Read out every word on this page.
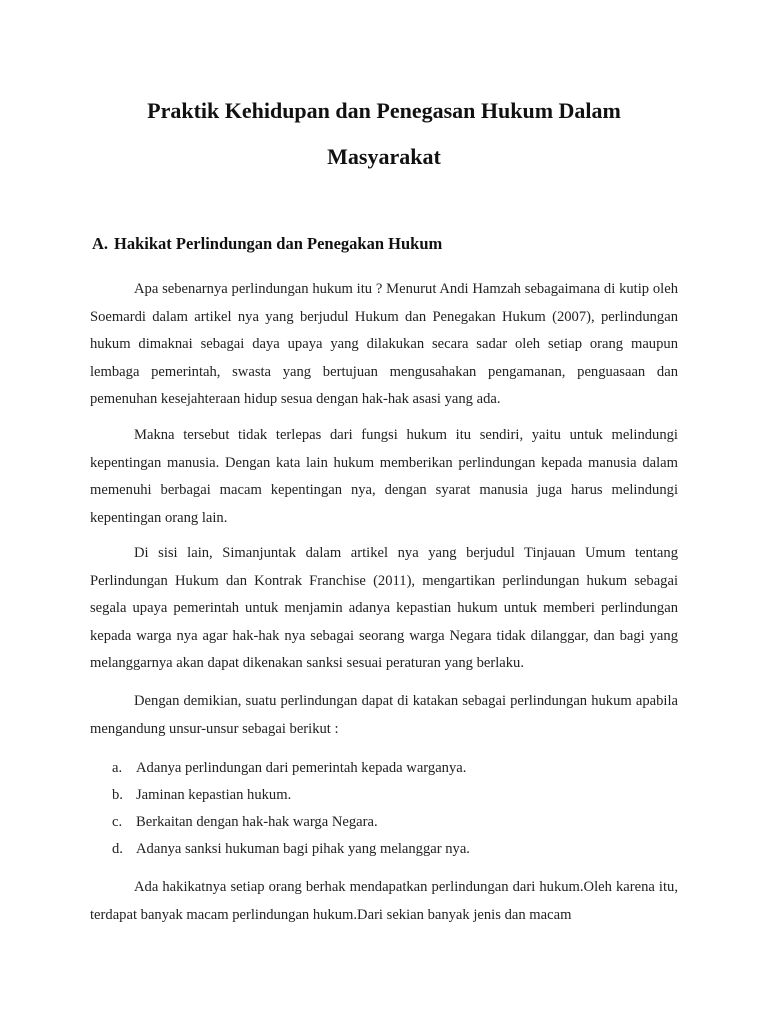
Praktik Kehidupan dan Penegasan Hukum Dalam Masyarakat
A. Hakikat Perlindungan dan Penegakan Hukum

Apa sebenarnya perlindungan hukum itu ? Menurut Andi Hamzah sebagaimana di kutip oleh Soemardi dalam artikel nya yang berjudul Hukum dan Penegakan Hukum (2007), perlindungan hukum dimaknai sebagai daya upaya yang dilakukan secara sadar oleh setiap orang maupun lembaga pemerintah, swasta yang bertujuan mengusahakan pengamanan, penguasaan dan pemenuhan kesejahteraan hidup sesua dengan hak-hak asasi yang ada.

Makna tersebut tidak terlepas dari fungsi hukum itu sendiri, yaitu untuk melindungi kepentingan manusia. Dengan kata lain hukum memberikan perlindungan kepada manusia dalam memenuhi berbagai macam kepentingan nya, dengan syarat manusia juga harus melindungi kepentingan orang lain.

Di sisi lain, Simanjuntak dalam artikel nya yang berjudul Tinjauan Umum tentang Perlindungan Hukum dan Kontrak Franchise (2011), mengartikan perlindungan hukum sebagai segala upaya pemerintah untuk menjamin adanya kepastian hukum untuk memberi perlindungan kepada warga nya agar hak-hak nya sebagai seorang warga Negara tidak dilanggar, dan bagi yang melanggarnya akan dapat dikenakan sanksi sesuai peraturan yang berlaku.

Dengan demikian, suatu perlindungan dapat di katakan sebagai perlindungan hukum apabila mengandung unsur-unsur sebagai berikut :

a. Adanya perlindungan dari pemerintah kepada warganya.
b. Jaminan kepastian hukum.
c. Berkaitan dengan hak-hak warga Negara.
d. Adanya sanksi hukuman bagi pihak yang melanggar nya.

Ada hakikatnya setiap orang berhak mendapatkan perlindungan dari hukum.Oleh karena itu, terdapat banyak macam perlindungan hukum.Dari sekian banyak jenis dan macam
